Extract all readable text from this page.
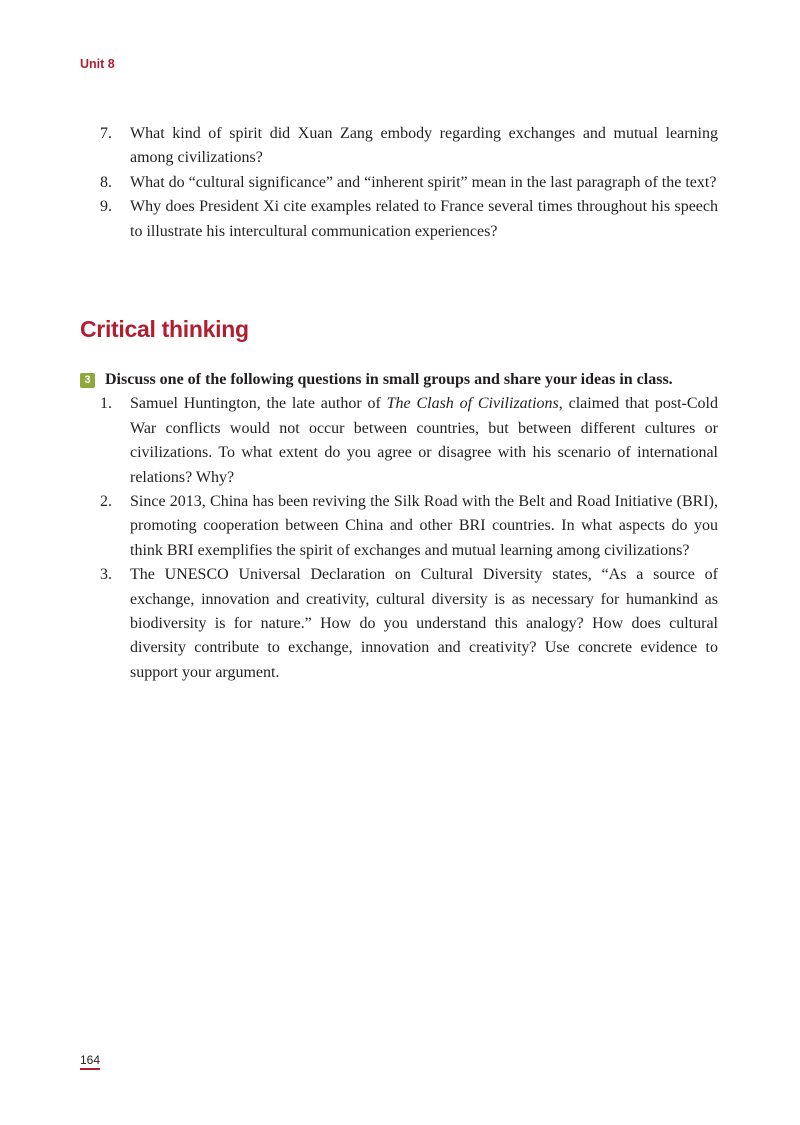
Unit 8
7.	What kind of spirit did Xuan Zang embody regarding exchanges and mutual learning among civilizations?
8.	What do “cultural significance” and “inherent spirit” mean in the last paragraph of the text?
9.	Why does President Xi cite examples related to France several times throughout his speech to illustrate his intercultural communication experiences?
Critical thinking
3 Discuss one of the following questions in small groups and share your ideas in class.
1.	Samuel Huntington, the late author of The Clash of Civilizations, claimed that post-Cold War conflicts would not occur between countries, but between different cultures or civilizations. To what extent do you agree or disagree with his scenario of international relations? Why?
2.	Since 2013, China has been reviving the Silk Road with the Belt and Road Initiative (BRI), promoting cooperation between China and other BRI countries. In what aspects do you think BRI exemplifies the spirit of exchanges and mutual learning among civilizations?
3.	The UNESCO Universal Declaration on Cultural Diversity states, “As a source of exchange, innovation and creativity, cultural diversity is as necessary for humankind as biodiversity is for nature.” How do you understand this analogy? How does cultural diversity contribute to exchange, innovation and creativity? Use concrete evidence to support your argument.
164
